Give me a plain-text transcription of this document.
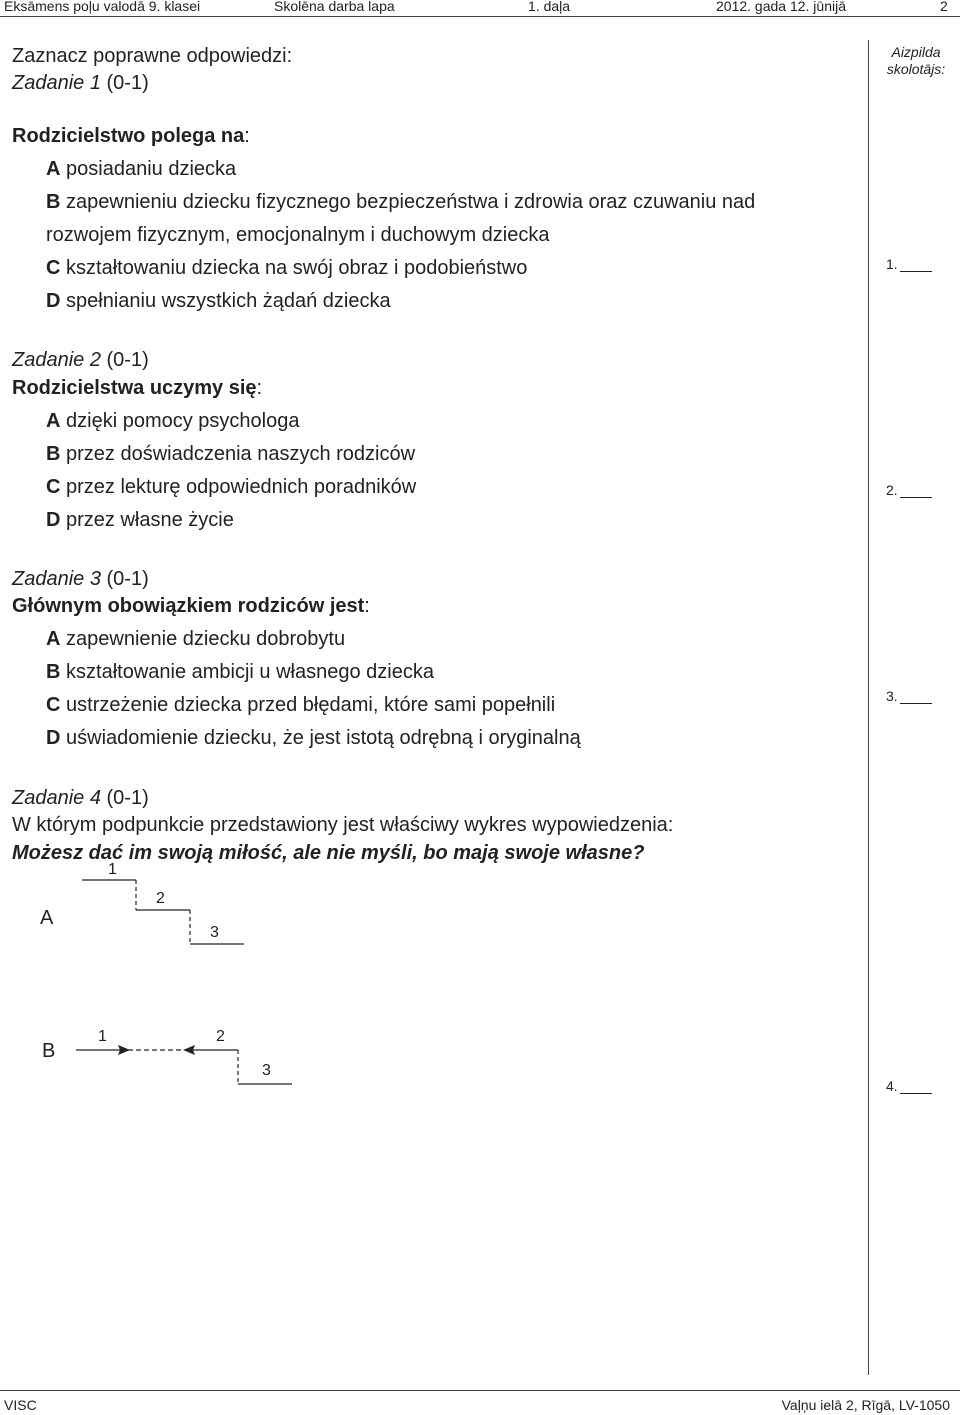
Eksāmens poļu valodā 9. klasei	Skolēna darba lapa	1. daļa	2012. gada 12. jūnijā	2
Aizpilda skolotājs:
Zaznacz poprawne odpowiedzi:
Zadanie 1 (0-1)
Rodzicielstwo polega na:
A posiadaniu dziecka
B zapewnieniu dziecku fizycznego bezpieczeństwa i zdrowia oraz czuwaniu nad
rozwojem fizycznym, emocjonalnym i duchowym dziecka
C kształtowaniu dziecka na swój obraz i podobieństwo
D spełnianiu wszystkich żądań dziecka
1.
Zadanie 2 (0-1)
Rodzicielstwa uczymy się:
A dzięki pomocy psychologa
B przez doświadczenia naszych rodziców
C przez lekturę odpowiednich poradników
D przez własne życie
2.
Zadanie 3 (0-1)
Głównym obowiązkiem rodziców jest:
A zapewnienie dziecku dobrobytu
B kształtowanie ambicji u własnego dziecka
C ustrzeżenie dziecka przed błędami, które sami popełnili
D uświadomienie dziecku, że jest istotą odrębną i oryginalną
3.
Zadanie 4 (0-1)
W którym podpunkcie przedstawiony jest właściwy wykres wypowiedzenia:
Możesz dać im swoją miłość, ale nie myśli, bo mają swoje własne?
A
1
2
3
B
1	2
3
4.
VISC	Vaļņu ielā 2, Rīgā, LV-1050
